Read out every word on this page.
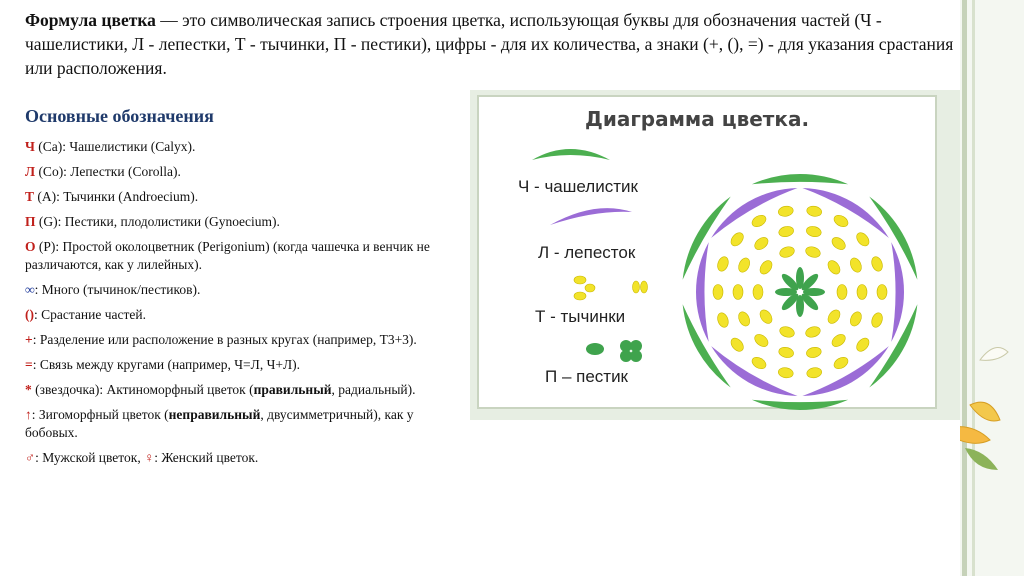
Формула цветка — это символическая запись строения цветка, использующая буквы для обозначения частей (Ч - чашелистики, Л - лепестки, Т - тычинки, П - пестики), цифры - для их количества, а знаки (+, (), =) - для указания срастания или расположения.
Основные обозначения
Ч (Са): Чашелистики (Calyx).
Л (Со): Лепестки (Corolla).
Т (А): Тычинки (Androecium).
П (G): Пестики, плодолистики (Gynoecium).
О (Р): Простой околоцветник (Perigonium) (когда чашечка и венчик не различаются, как у лилейных).
∞: Много (тычинок/пестиков).
(): Срастание частей.
+: Разделение или расположение в разных кругах (например, Т3+3).
=: Связь между кругами (например, Ч=Л, Ч+Л).
* (звездочка): Актиноморфный цветок (правильный, радиальный).
↑: Зигоморфный цветок (неправильный, двусимметричный), как у бобовых.
♂: Мужской цветок, ♀: Женский цветок.
Диаграмма цветка.
Ч - чашелистик
Л - лепесток
Т - тычинки
П – пестик
